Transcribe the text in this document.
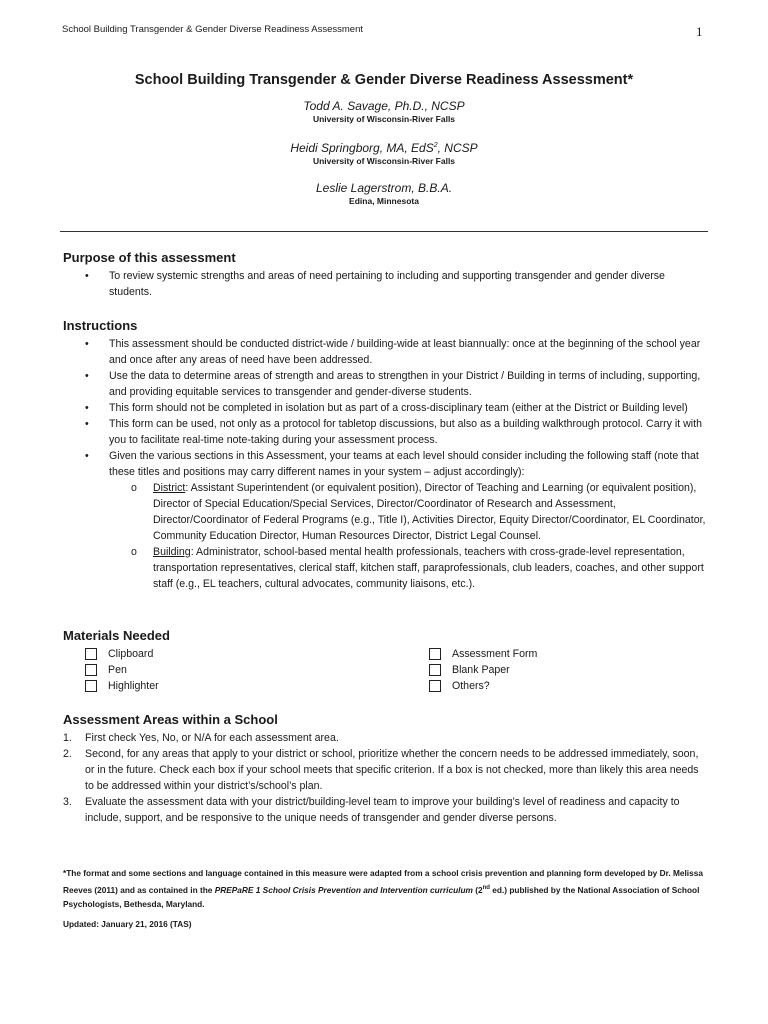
School Building Transgender & Gender Diverse Readiness Assessment	1
School Building Transgender & Gender Diverse Readiness Assessment*
Todd A. Savage, Ph.D., NCSP
University of Wisconsin-River Falls
Heidi Springborg, MA, EdS$^2$, NCSP
University of Wisconsin-River Falls
Leslie Lagerstrom, B.B.A.
Edina, Minnesota
Purpose of this assessment
• To review systemic strengths and areas of need pertaining to including and supporting transgender and gender diverse students.
Instructions
• This assessment should be conducted district-wide / building-wide at least biannually: once at the beginning of the school year and once after any areas of need have been addressed.
• Use the data to determine areas of strength and areas to strengthen in your District / Building in terms of including, supporting, and providing equitable services to transgender and gender-diverse students.
• This form should not be completed in isolation but as part of a cross-disciplinary team (either at the District or Building level)
• This form can be used, not only as a protocol for tabletop discussions, but also as a building walkthrough protocol. Carry it with you to facilitate real-time note-taking during your assessment process.
• Given the various sections in this Assessment, your teams at each level should consider including the following staff (note that these titles and positions may carry different names in your system – adjust accordingly):
o District: Assistant Superintendent (or equivalent position), Director of Teaching and Learning (or equivalent position), Director of Special Education/Special Services, Director/Coordinator of Research and Assessment, Director/Coordinator of Federal Programs (e.g., Title I), Activities Director, Equity Director/Coordinator, EL Coordinator, Community Education Director, Human Resources Director, District Legal Counsel.
o Building: Administrator, school-based mental health professionals, teachers with cross-grade-level representation, transportation representatives, clerical staff, kitchen staff, paraprofessionals, club leaders, coaches, and other support staff (e.g., EL teachers, cultural advocates, community liaisons, etc.).
Materials Needed
Clipboard
Pen
Highlighter
Assessment Form
Blank Paper
Others?
Assessment Areas within a School
1. First check Yes, No, or N/A for each assessment area.
2. Second, for any areas that apply to your district or school, prioritize whether the concern needs to be addressed immediately, soon, or in the future. Check each box if your school meets that specific criterion. If a box is not checked, more than likely this area needs to be addressed within your district’s/school’s plan.
3. Evaluate the assessment data with your district/building-level team to improve your building’s level of readiness and capacity to include, support, and be responsive to the unique needs of transgender and gender diverse persons.
*The format and some sections and language contained in this measure were adapted from a school crisis prevention and planning form developed by Dr. Melissa Reeves (2011) and as contained in the PREPaRE 1 School Crisis Prevention and Intervention curriculum (2nd ed.) published by the National Association of School Psychologists, Bethesda, Maryland.
Updated: January 21, 2016 (TAS)
